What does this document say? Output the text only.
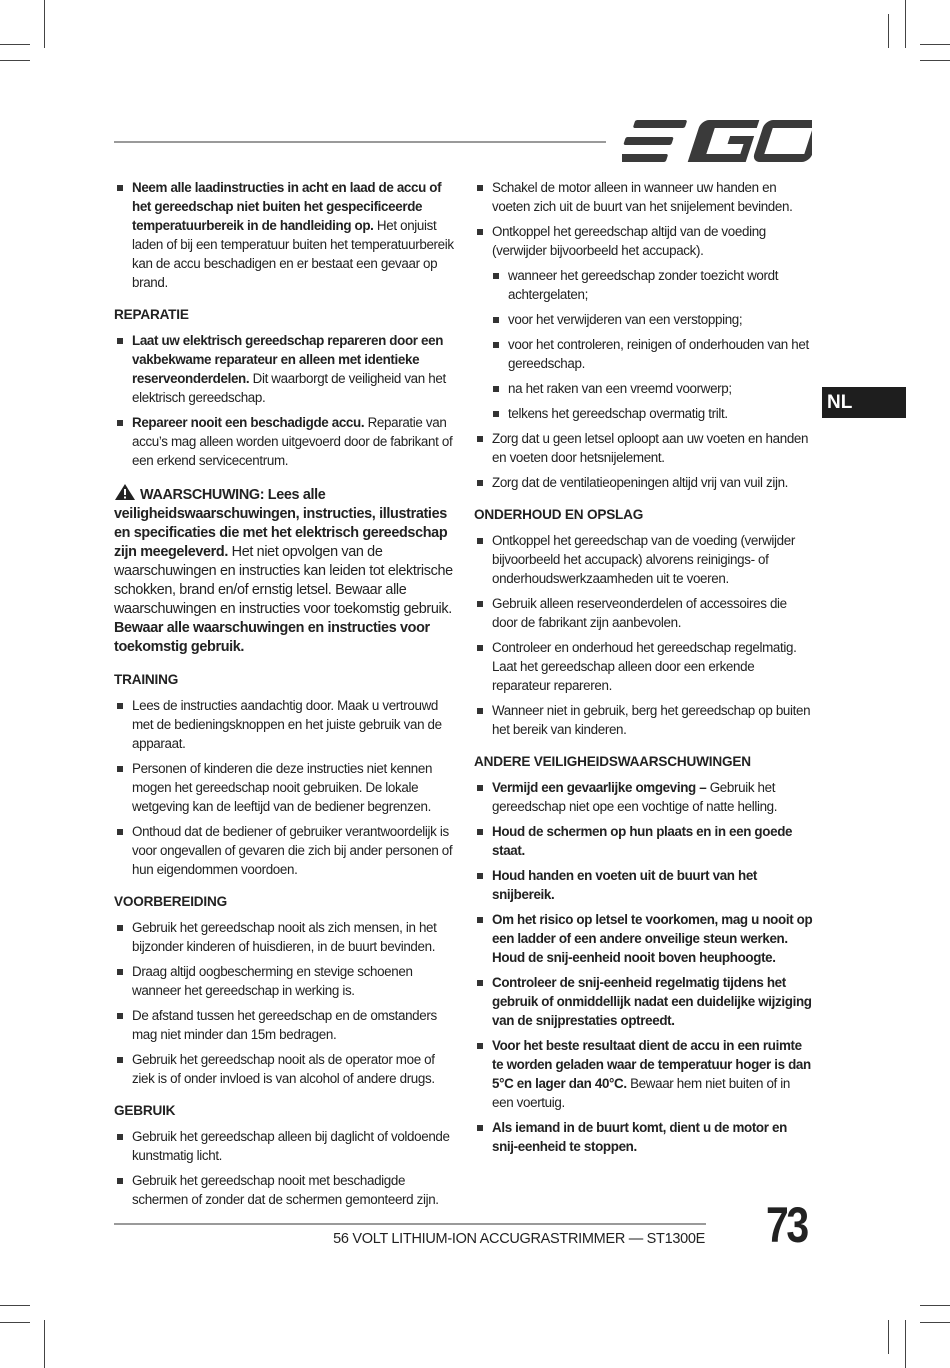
NL
Neem alle laadinstructies in acht en laad de accu of het gereedschap niet buiten het gespecificeerde temperatuurbereik in de handleiding op. Het onjuist laden of bij een temperatuur buiten het temperatuurbereik kan de accu beschadigen en er bestaat een gevaar op brand.
REPARATIE
Laat uw elektrisch gereedschap repareren door een vakbekwame reparateur en alleen met identieke reserveonderdelen. Dit waarborgt de veiligheid van het elektrisch gereedschap.
Repareer nooit een beschadigde accu. Reparatie van accu’s mag alleen worden uitgevoerd door de fabrikant of een erkend servicecentrum.
WAARSCHUWING: Lees alle veiligheidswaarschuwingen, instructies, illustraties en specificaties die met het elektrisch gereedschap zijn meegeleverd. Het niet opvolgen van de waarschuwingen en instructies kan leiden tot elektrische schokken, brand en/of ernstig letsel. Bewaar alle waarschuwingen en instructies voor toekomstig gebruik. Bewaar alle waarschuwingen en instructies voor toekomstig gebruik.
TRAINING
Lees de instructies aandachtig door. Maak u vertrouwd met de bedieningsknoppen en het juiste gebruik van de apparaat.
Personen of kinderen die deze instructies niet kennen mogen het gereedschap nooit gebruiken. De lokale wetgeving kan de leeftijd van de bediener begrenzen.
Onthoud dat de bediener of gebruiker verantwoordelijk is voor ongevallen of gevaren die zich bij ander personen of hun eigendommen voordoen.
VOORBEREIDING
Gebruik het gereedschap nooit als zich mensen, in het bijzonder kinderen of huisdieren, in de buurt bevinden.
Draag altijd oogbescherming en stevige schoenen wanneer het gereedschap in werking is.
De afstand tussen het gereedschap en de omstanders mag niet minder dan 15m bedragen.
Gebruik het gereedschap nooit als de operator moe of ziek is of onder invloed is van alcohol of andere drugs.
GEBRUIK
Gebruik het gereedschap alleen bij daglicht of voldoende kunstmatig licht.
Gebruik het gereedschap nooit met beschadigde schermen of zonder dat de schermen gemonteerd zijn.
Schakel de motor alleen in wanneer uw handen en voeten zich uit de buurt van het snijelement bevinden.
Ontkoppel het gereedschap altijd van de voeding (verwijder bijvoorbeeld het accupack).
wanneer het gereedschap zonder toezicht wordt achtergelaten;
voor het verwijderen van een verstopping;
voor het controleren, reinigen of onderhouden van het gereedschap.
na het raken van een vreemd voorwerp;
telkens het gereedschap overmatig trilt.
Zorg dat u geen letsel oploopt aan uw voeten en handen en voeten door hetsnijelement.
Zorg dat de ventilatieopeningen altijd vrij van vuil zijn.
ONDERHOUD EN OPSLAG
Ontkoppel het gereedschap van de voeding (verwijder bijvoorbeeld het accupack) alvorens reinigings- of onderhoudswerkzaamheden uit te voeren.
Gebruik alleen reserveonderdelen of accessoires die door de fabrikant zijn aanbevolen.
Controleer en onderhoud het gereedschap regelmatig. Laat het gereedschap alleen door een erkende reparateur repareren.
Wanneer niet in gebruik, berg het gereedschap op buiten het bereik van kinderen.
ANDERE VEILIGHEIDSWAARSCHUWINGEN
Vermijd een gevaarlijke omgeving – Gebruik het gereedschap niet ope een vochtige of natte helling.
Houd de schermen op hun plaats en in een goede staat.
Houd handen en voeten uit de buurt van het snijbereik.
Om het risico op letsel te voorkomen, mag u nooit op een ladder of een andere onveilige steun werken. Houd de snij-eenheid nooit boven heuphoogte.
Controleer de snij-eenheid regelmatig tijdens het gebruik of onmiddellijk nadat een duidelijke wijziging van de snijprestaties optreedt.
Voor het beste resultaat dient de accu in een ruimte te worden geladen waar de temperatuur hoger is dan 5°C en lager dan 40°C. Bewaar hem niet buiten of in een voertuig.
Als iemand in de buurt komt, dient u de motor en snij-eenheid te stoppen.
56 VOLT LITHIUM-ION ACCUGRASTRIMMER — ST1300E 73
